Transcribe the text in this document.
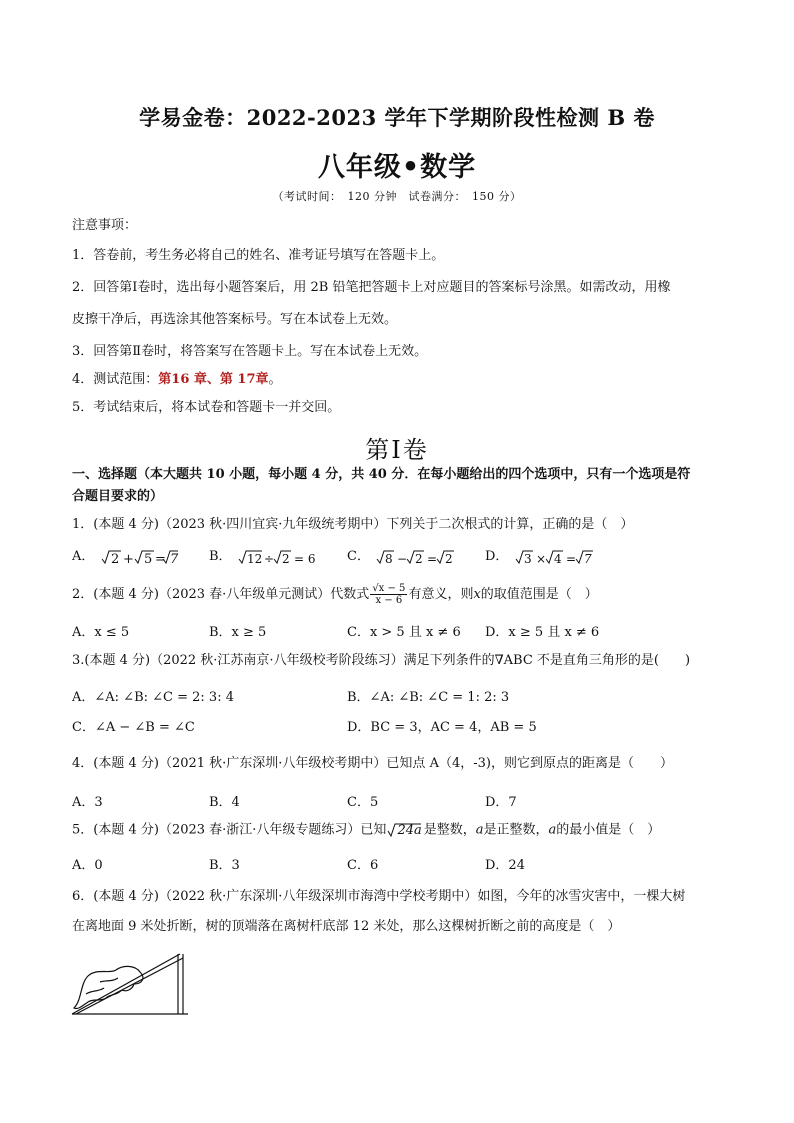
学易金卷：2022-2023 学年下学期阶段性检测 B 卷
八年级•数学
（考试时间：　120 分钟　试卷满分：　150 分）
注意事项：
1．答卷前，考生务必将自己的姓名、准考证号填写在答题卡上。
2．回答第Ⅰ卷时，选出每小题答案后，用 2B 铅笔把答题卡上对应题目的答案标号涂黑。如需改动，用橡
皮擦干净后，再选涂其他答案标号。写在本试卷上无效。
3．回答第Ⅱ卷时，将答案写在答题卡上。写在本试卷上无效。
4．测试范围：第16 章、第 17章。
5．考试结束后，将本试卷和答题卡一并交回。
第Ⅰ卷
一、选择题（本大题共 10 小题，每小题 4 分，共 40 分．在每小题给出的四个选项中，只有一个选项是符
合题目要求的）
1．(本题 4 分)（2023 秋·四川宜宾·九年级统考期中）下列关于二次根式的计算，正确的是（　）
A． 2 + 5 = 7 B． 12 ÷ 2 = 6 C． 8 − 2 = 2 D． 3 × 4 = 7
2．(本题 4 分)（2023 春·八年级单元测试）代数式 $\frac{√x - 5}{x - 6}$ 有意义，则x的取值范围是（　）
A．x ≤ 5	B．x ≥ 5	C．x > 5 且 x ≠ 6 D．x ≥ 5 且 x ≠ 6
3.(本题 4 分)（2022 秋·江苏南京·八年级校考阶段练习）满足下列条件的∇ABC 不是直角三角形的是(　　)
A．∠A: ∠B: ∠C = 2: 3: 4	B．∠A: ∠B: ∠C = 1: 2: 3
C．∠A − ∠B = ∠C	D．BC = 3，AC = 4，AB = 5
4．(本题 4 分)（2021 秋·广东深圳·八年级校考期中）已知点 A（4，-3)，则它到原点的距离是（　　）
A．3	B．4	C．5	D．7
5．(本题 4 分)（2023 春·浙江·八年级专题练习）已知 24a 是整数，a是正整数，a的最小值是（　）
A．0	B．3	C．6	D．24
6．(本题 4 分)（2022 秋·广东深圳·八年级深圳市海湾中学校考期中）如图，今年的冰雪灾害中，一棵大树
在离地面 9 米处折断，树的顶端落在离树杆底部 12 米处，那么这棵树折断之前的高度是（　）
